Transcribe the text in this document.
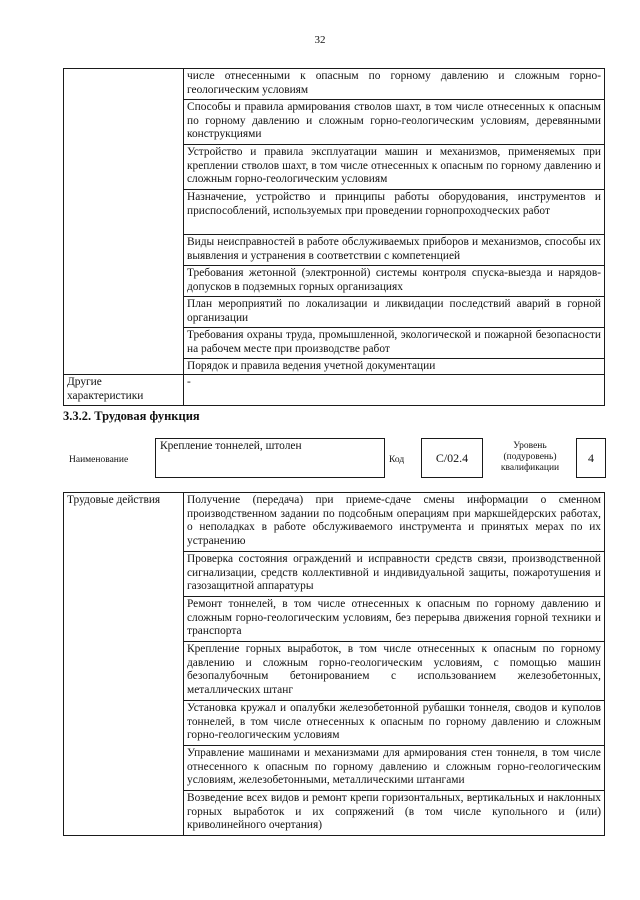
32
	числе отнесенными к опасным по горному давлению и сложным горно-геологическим условиям
	Способы и правила армирования стволов шахт, в том числе отнесенных к опасным по горному давлению и сложным горно-геологическим условиям, деревянными конструкциями
	Устройство и правила эксплуатации машин и механизмов, применяемых при креплении стволов шахт, в том числе отнесенных к опасным по горному давлению и сложным горно-геологическим условиям
	Назначение, устройство и принципы работы оборудования, инструментов и приспособлений, используемых при проведении горнопроходческих работ
	Виды неисправностей в работе обслуживаемых приборов и механизмов, способы их выявления и устранения в соответствии с компетенцией
	Требования жетонной (электронной) системы контроля спуска-выезда и нарядов-допусков в подземных горных организациях
	План мероприятий по локализации и ликвидации последствий аварий в горной организации
	Требования охраны труда, промышленной, экологической и пожарной безопасности на рабочем месте при производстве работ
	Порядок и правила ведения учетной документации
Другие характеристики	-
3.3.2. Трудовая функция
Наименование
Крепление тоннелей, штолен
Код	C/02.4
Уровень (подуровень) квалификации
4
Трудовые действия	Получение (передача) при приеме-сдаче смены информации о сменном производственном задании по подсобным операциям при маркшейдерских работах, о неполадках в работе обслуживаемого инструмента и принятых мерах по их устранению
Проверка состояния ограждений и исправности средств связи, производственной сигнализации, средств коллективной и индивидуальной защиты, пожаротушения и газозащитной аппаратуры
Ремонт тоннелей, в том числе отнесенных к опасным по горному давлению и сложным горно-геологическим условиям, без перерыва движения горной техники и транспорта
Крепление горных выработок, в том числе отнесенных к опасным по горному давлению и сложным горно-геологическим условиям, с помощью машин безопалубочным бетонированием с использованием железобетонных, металлических штанг
Установка кружал и опалубки железобетонной рубашки тоннеля, сводов и куполов тоннелей, в том числе отнесенных к опасным по горному давлению и сложным горно-геологическим условиям
Управление машинами и механизмами для армирования стен тоннеля, в том числе отнесенного к опасным по горному давлению и сложным горно-геологическим условиям, железобетонными, металлическими штангами
Возведение всех видов и ремонт крепи горизонтальных, вертикальных и наклонных горных выработок и их сопряжений (в том числе купольного и (или) криволинейного очертания)
